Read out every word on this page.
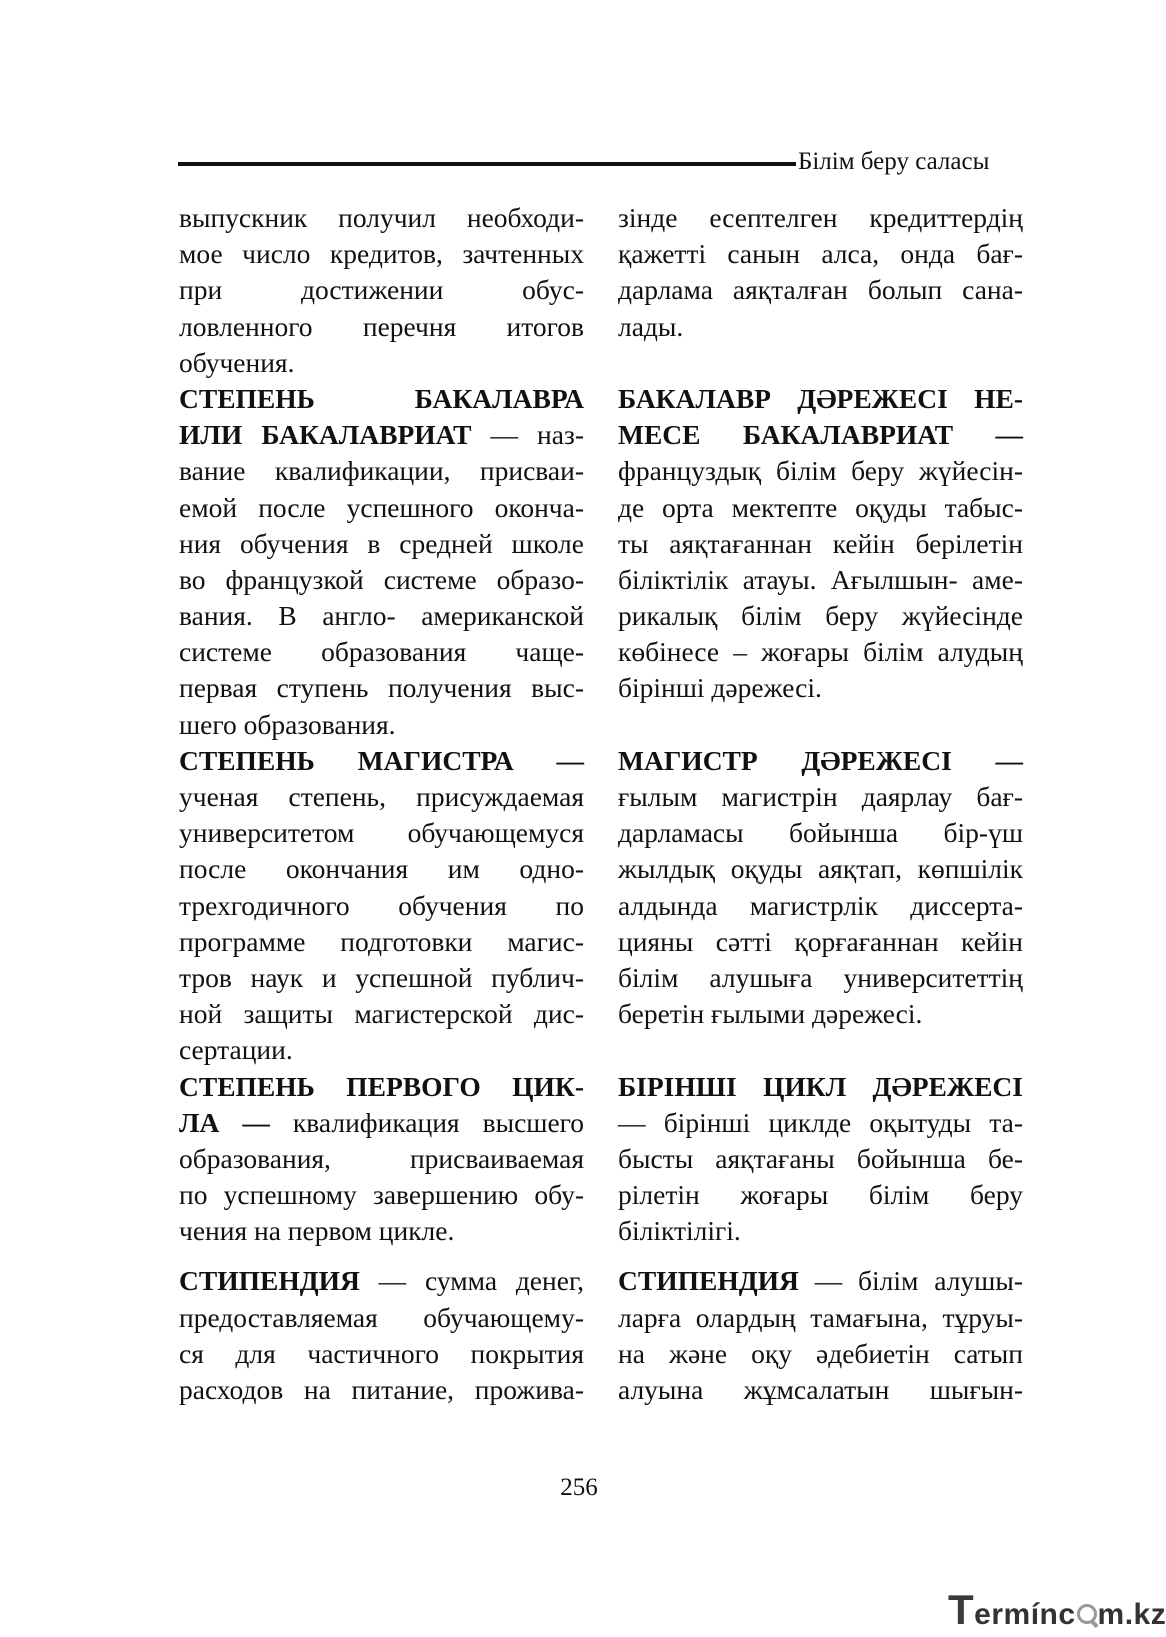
Білім беру саласы
выпускник получил необходи-
мое число кредитов, зачтенных
при достижении обус-
ловленного перечня итогов
обучения.
СТЕПЕНЬ БАКАЛАВРА
ИЛИ БАКАЛАВРИАТ — наз-
вание квалификации, присваи-
емой после успешного оконча-
ния обучения в средней школе
во французкой системе образо-
вания. В англо- американской
системе образования чаще-
первая ступень получения выс-
шего образования.
СТЕПЕНЬ МАГИСТРА —
ученая степень, присуждаемая
университетом обучающемуся
после окончания им одно-
трехгодичного обучения по
программе подготовки магис-
тров наук и успешной публич-
ной защиты магистерской дис-
сертации.
СТЕПЕНЬ ПЕРВОГО ЦИК-
ЛА — квалификация высшего
образования, присваиваемая
по успешному завершению обу-
чения на первом цикле.
СТИПЕНДИЯ — сумма денег,
предоставляемая обучающему-
ся для частичного покрытия
расходов на питание, прожива-
зінде есептелген кредиттердің
қажетті санын алса, онда бағ-
дарлама аяқталған болып сана-
лады.
БАКАЛАВР ДӘРЕЖЕСІ НЕ-
МЕСЕ БАКАЛАВРИАТ —
француздық білім беру жүйесін-
де орта мектепте оқуды табыс-
ты аяқтағаннан кейін берілетін
біліктілік атауы. Ағылшын- аме-
рикалық білім беру жүйесінде
көбінесе – жоғары білім алудың
бірінші дәрежесі.
МАГИСТР ДӘРЕЖЕСІ —
ғылым магистрін даярлау бағ-
дарламасы бойынша бір-үш
жылдық оқуды аяқтап, көпшілік
алдында магистрлік диссерта-
цияны сәтті қорғағаннан кейін
білім алушыға университеттің
беретін ғылыми дәрежесі.
БІРІНШІ ЦИКЛ ДӘРЕЖЕСІ
— бірінші циклде оқытуды та-
бысты аяқтағаны бойынша бе-
рілетін жоғары білім беру
біліктілігі.
СТИПЕНДИЯ — білім алушы-
ларға олардың тамағына, тұруы-
на және оқу әдебиетін сатып
алуына жұмсалатын шығын-
256
Termínc m.kz
